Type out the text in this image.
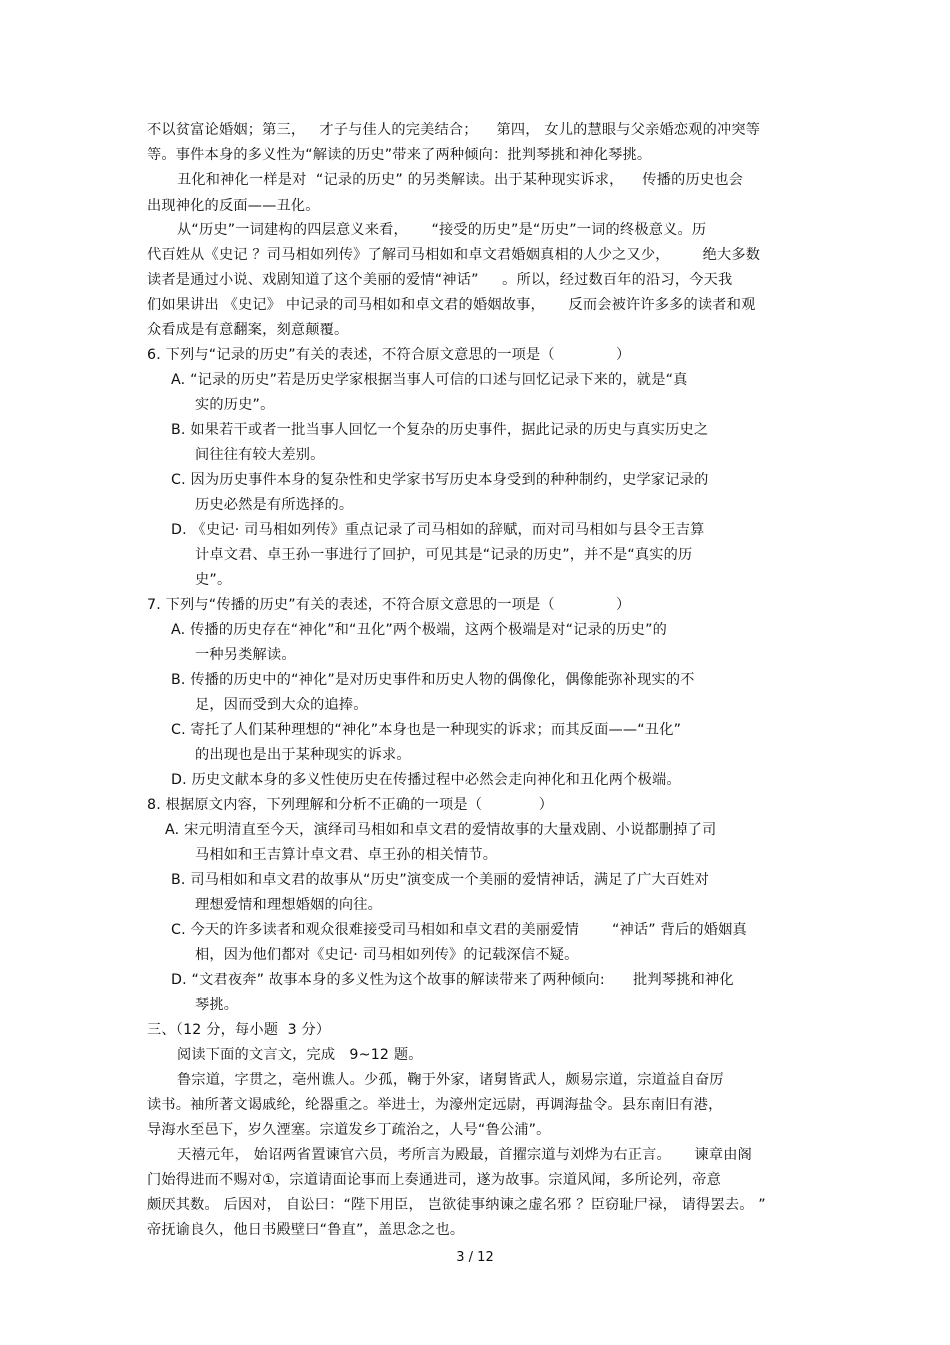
不以贫富论婚姻；第三，   才子与佳人的完美结合；    第四， 女儿的慧眼与父亲婚恋观的冲突等
等。事件本身的多义性为“解读的历史”带来了两种倾向：批判琴挑和神化琴挑。
丑化和神化一样是对  “记录的历史” 的另类解读。出于某种现实诉求，    传播的历史也会
出现神化的反面——丑化。
从“历史”一词建构的四层意义来看，     “接受的历史”是“历史”一词的终极意义。历
代百姓从《史记 ？司马相如列传》了解司马相如和卓文君婚姻真相的人少之又少，       绝大多数
读者是通过小说、戏剧知道了这个美丽的爱情“神话”     。所以，经过数百年的沿习，今天我
们如果讲出 《史记》 中记录的司马相如和卓文君的婚姻故事，     反而会被许许多多的读者和观
众看成是有意翻案，刻意颠覆。
6. 下列与“记录的历史”有关的表述，不符合原文意思的一项是（             ）
A. “记录的历史”若是历史学家根据当事人可信的口述与回忆记录下来的，就是“真
实的历史”。
B. 如果若干或者一批当事人回忆一个复杂的历史事件，据此记录的历史与真实历史之
间往往有较大差别。
C. 因为历史事件本身的复杂性和史学家书写历史本身受到的种种制约，史学家记录的
历史必然是有所选择的。
D. 《史记· 司马相如列传》重点记录了司马相如的辞赋，而对司马相如与县令王吉算
计卓文君、卓王孙一事进行了回护，可见其是“记录的历史”，并不是“真实的历
史”。
7. 下列与“传播的历史”有关的表述，不符合原文意思的一项是（             ）
A. 传播的历史存在“神化”和“丑化”两个极端，这两个极端是对“记录的历史”的
一种另类解读。
B. 传播的历史中的“神化”是对历史事件和历史人物的偶像化，偶像能弥补现实的不
足，因而受到大众的追捧。
C. 寄托了人们某种理想的“神化”本身也是一种现实的诉求；而其反面——“丑化”
的出现也是出于某种现实的诉求。
D. 历史文献本身的多义性使历史在传播过程中必然会走向神化和丑化两个极端。
8. 根据原文内容，下列理解和分析不正确的一项是（            ）
A. 宋元明清直至今天，演绎司马相如和卓文君的爱情故事的大量戏剧、小说都删掉了司
马相如和王吉算计卓文君、卓王孙的相关情节。
B. 司马相如和卓文君的故事从“历史”演变成一个美丽的爱情神话，满足了广大百姓对
理想爱情和理想婚姻的向往。
C. 今天的许多读者和观众很难接受司马相如和卓文君的美丽爱情       “神话” 背后的婚姻真
相，因为他们都对《史记· 司马相如列传》的记载深信不疑。
D. “文君夜奔” 故事本身的多义性为这个故事的解读带来了两种倾向:      批判琴挑和神化
琴挑。
三、（12 分，每小题  3 分）
阅读下面的文言文，完成   9~12 题。
鲁宗道，字贯之，亳州谯人。少孤，鞠于外家，诸舅皆武人，颇易宗道，宗道益自奋厉
读书。袖所著文谒戚纶，纶器重之。举进士，为濠州定远尉，再调海盐令。县东南旧有港，
导海水至邑下，岁久湮塞。宗道发乡丁疏治之，人号“鲁公浦”。
天禧元年， 始诏两省置谏官六员，考所言为殿最，首擢宗道与刘烨为右正言。     谏章由阁
门始得进而不赐对①，宗道请面论事而上奏通进司，遂为故事。宗道风闻，多所论列，帝意
颇厌其数。 后因对， 自讼曰：“陛下用臣， 岂欲徒事纳谏之虚名邪 ？臣窃耻尸禄， 请得罢去。 ”
帝抚谕良久，他日书殿壁曰“鲁直”，盖思念之也。
3 / 12
